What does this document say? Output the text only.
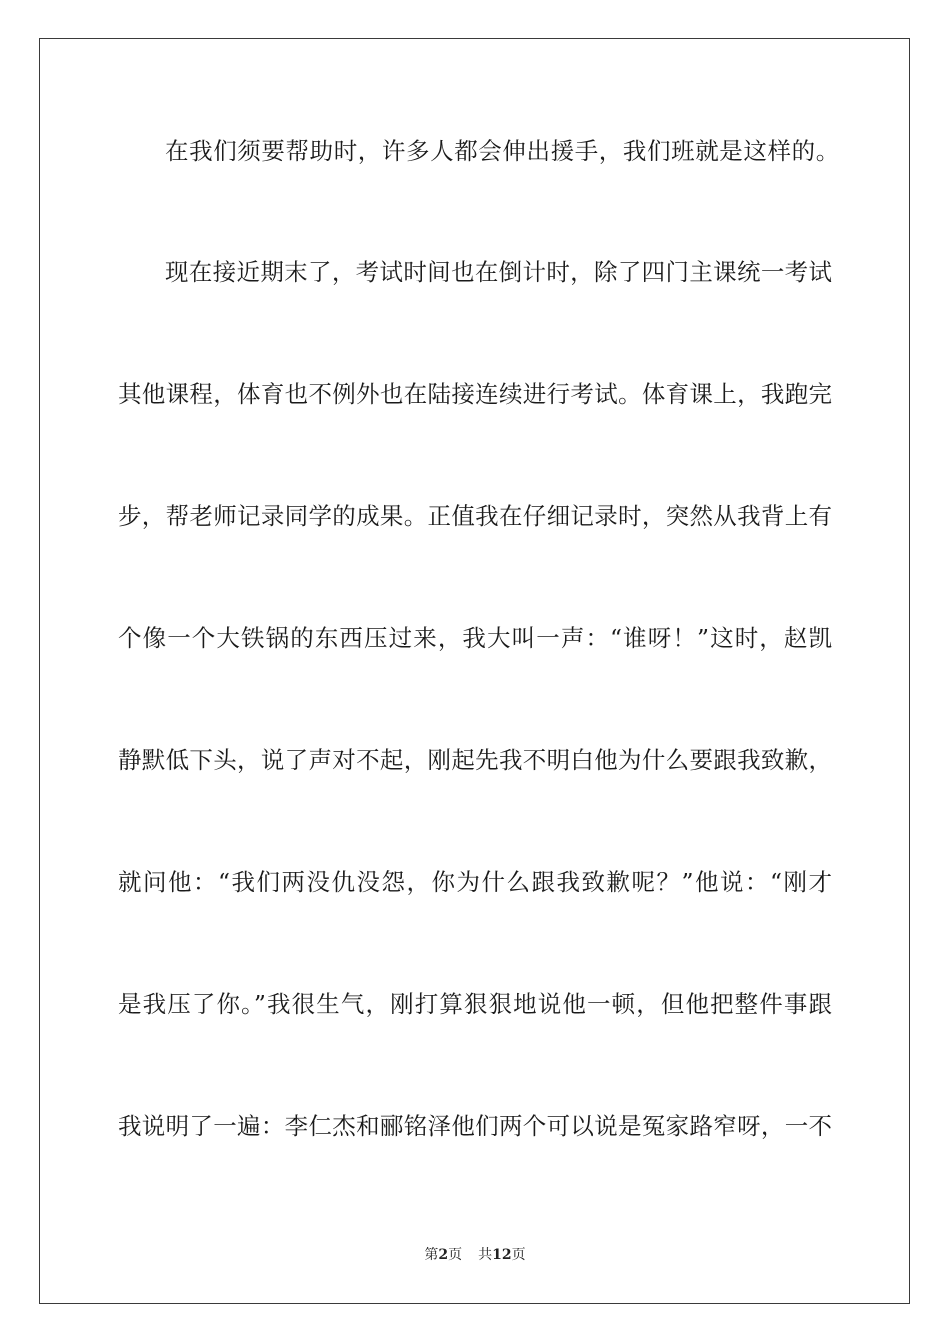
在我们须要帮助时，许多人都会伸出援手，我们班就是这样的。
现在接近期末了，考试时间也在倒计时，除了四门主课统一考试
其他课程，体育也不例外也在陆接连续进行考试。体育课上，我跑完
步，帮老师记录同学的成果。正值我在仔细记录时，突然从我背上有
个像一个大铁锅的东西压过来，我大叫一声：“谁呀！”这时，赵凯
静默低下头，说了声对不起，刚起先我不明白他为什么要跟我致歉，
就问他：“我们两没仇没怨，你为什么跟我致歉呢？”他说：“刚才
是我压了你。”我很生气，刚打算狠狠地说他一顿，但他把整件事跟
我说明了一遍：李仁杰和郦铭泽他们两个可以说是冤家路窄呀，一不
第2页 共12页
